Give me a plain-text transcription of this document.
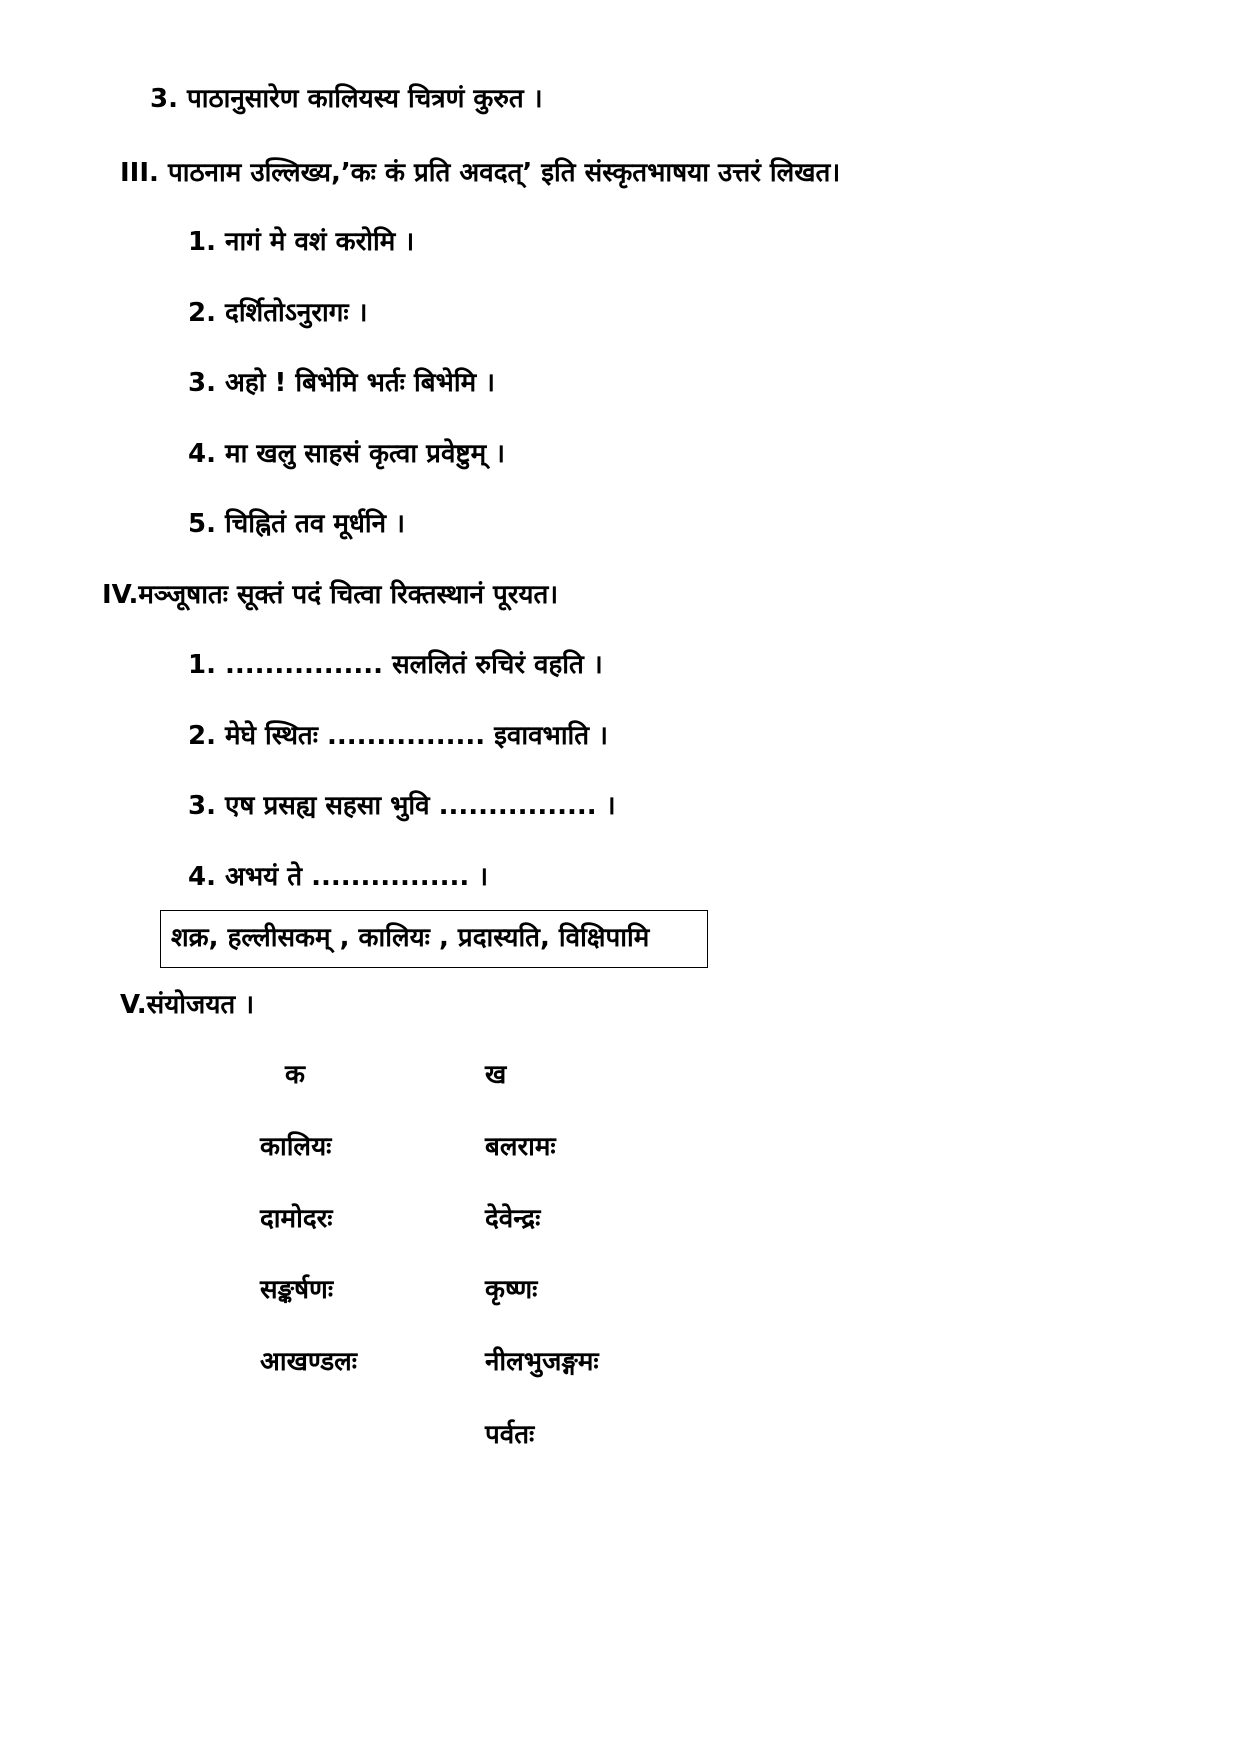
3. पाठानुसारेण कालियस्य चित्रणं कुरुत ।
III. पाठनाम उल्लिख्य,’कः कं प्रति अवदत्’ इति संस्कृतभाषया उत्तरं लिखत।
1. नागं मे वशं करोमि ।
2. दर्शितोऽनुरागः ।
3. अहो ! बिभेमि भर्तः बिभेमि ।
4. मा खलु साहसं कृत्वा प्रवेष्टुम् ।
5. चिह्नितं तव मूर्धनि ।
IV.मञ्जूषातः सूक्तं पदं चित्वा रिक्तस्थानं पूरयत।
1. ................ सललितं रुचिरं वहति ।
2. मेघे स्थितः ................ इवावभाति ।
3. एष प्रसह्य सहसा भुवि ................ ।
4. अभयं ते ................ ।
शक्र, हल्लीसकम् , कालियः , प्रदास्यति, विक्षिपामि
V.संयोजयत ।
क	ख
कालियः
दामोदरः
सङ्कर्षणः
आखण्डलः
बलरामः
देवेन्द्रः
कृष्णः
नीलभुजङ्गमः
पर्वतः
